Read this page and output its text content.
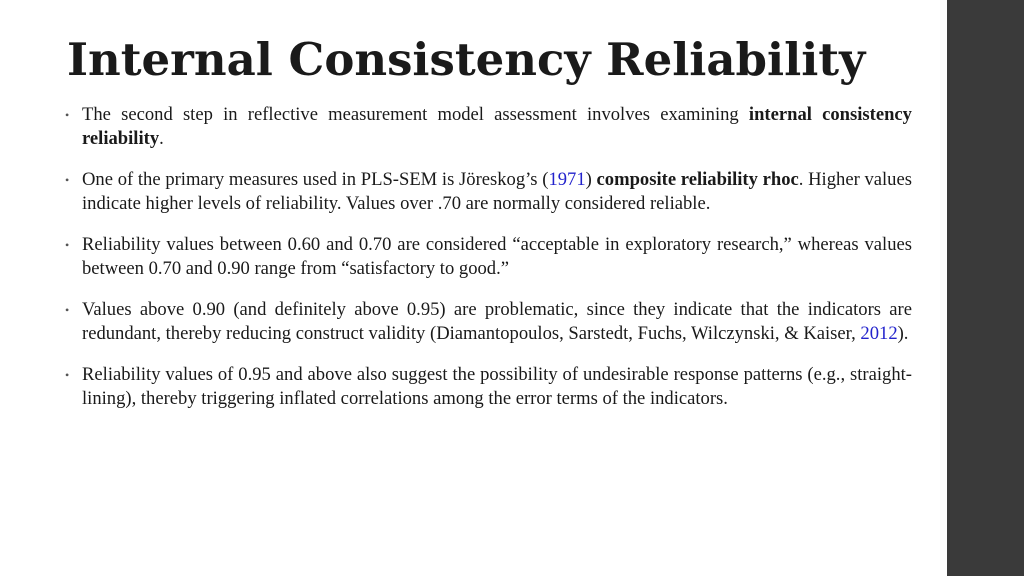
Internal Consistency Reliability
• The second step in reflective measurement model assessment involves examining internal consistency reliability.
• One of the primary measures used in PLS-SEM is Jöreskog’s (1971) composite reliability rhoc. Higher values indicate higher levels of reliability. Values over .70 are normally considered reliable.
• Reliability values between 0.60 and 0.70 are considered “acceptable in exploratory research,” whereas values between 0.70 and 0.90 range from “satisfactory to good.”
• Values above 0.90 (and definitely above 0.95) are problematic, since they indicate that the indicators are redundant, thereby reducing construct validity (Diamantopoulos, Sarstedt, Fuchs, Wilczynski, & Kaiser, 2012).
• Reliability values of 0.95 and above also suggest the possibility of undesirable response patterns (e.g., straight-lining), thereby triggering inflated correlations among the error terms of the indicators.
